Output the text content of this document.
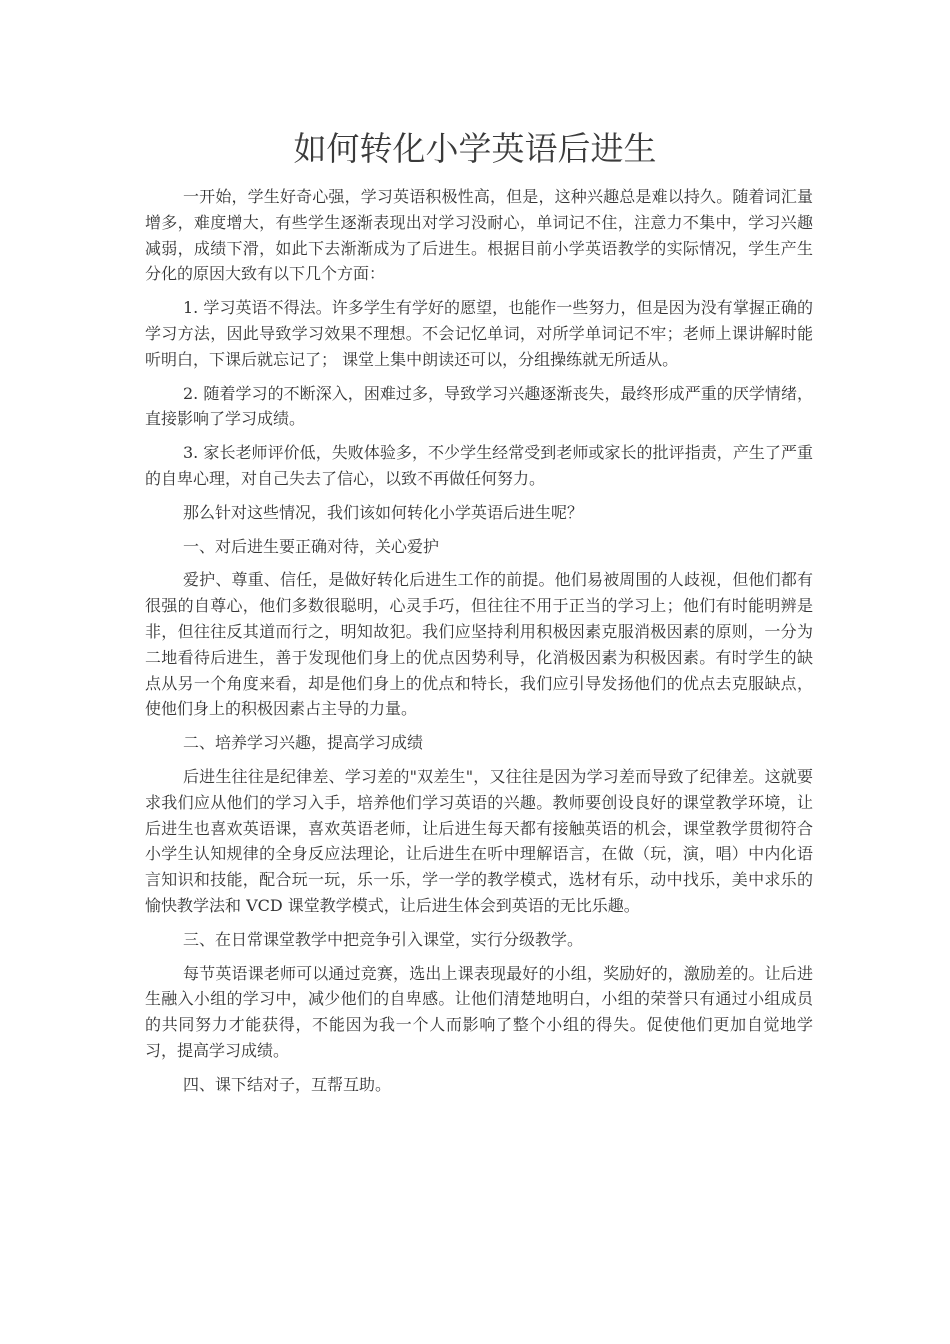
如何转化小学英语后进生

一开始，学生好奇心强，学习英语积极性高，但是，这种兴趣总是难以持久。随着词汇量增多，难度增大，有些学生逐渐表现出对学习没耐心，单词记不住，注意力不集中，学习兴趣减弱，成绩下滑，如此下去渐渐成为了后进生。根据目前小学英语教学的实际情况，学生产生分化的原因大致有以下几个方面：

1. 学习英语不得法。许多学生有学好的愿望，也能作一些努力，但是因为没有掌握正确的学习方法，因此导致学习效果不理想。不会记忆单词，对所学单词记不牢；老师上课讲解时能听明白，下课后就忘记了； 课堂上集中朗读还可以，分组操练就无所适从。

2. 随着学习的不断深入，困难过多，导致学习兴趣逐渐丧失，最终形成严重的厌学情绪，直接影响了学习成绩。

3. 家长老师评价低，失败体验多，不少学生经常受到老师或家长的批评指责，产生了严重的自卑心理，对自己失去了信心，以致不再做任何努力。

那么针对这些情况，我们该如何转化小学英语后进生呢？

一、对后进生要正确对待，关心爱护

爱护、尊重、信任，是做好转化后进生工作的前提。他们易被周围的人歧视，但他们都有很强的自尊心，他们多数很聪明，心灵手巧，但往往不用于正当的学习上；他们有时能明辨是非，但往往反其道而行之，明知故犯。我们应坚持利用积极因素克服消极因素的原则，一分为二地看待后进生，善于发现他们身上的优点因势利导，化消极因素为积极因素。有时学生的缺点从另一个角度来看，却是他们身上的优点和特长，我们应引导发扬他们的优点去克服缺点，使他们身上的积极因素占主导的力量。

二、培养学习兴趣，提高学习成绩

后进生往往是纪律差、学习差的"双差生"，又往往是因为学习差而导致了纪律差。这就要求我们应从他们的学习入手，培养他们学习英语的兴趣。教师要创设良好的课堂教学环境，让后进生也喜欢英语课，喜欢英语老师，让后进生每天都有接触英语的机会，课堂教学贯彻符合小学生认知规律的全身反应法理论，让后进生在听中理解语言，在做（玩，演，唱）中内化语言知识和技能，配合玩一玩，乐一乐，学一学的教学模式，选材有乐，动中找乐，美中求乐的愉快教学法和 VCD 课堂教学模式，让后进生体会到英语的无比乐趣。

三、在日常课堂教学中把竞争引入课堂，实行分级教学。

每节英语课老师可以通过竞赛，选出上课表现最好的小组，奖励好的，激励差的。让后进生融入小组的学习中，减少他们的自卑感。让他们清楚地明白，小组的荣誉只有通过小组成员的共同努力才能获得，不能因为我一个人而影响了整个小组的得失。促使他们更加自觉地学习，提高学习成绩。

四、课下结对子，互帮互助。
